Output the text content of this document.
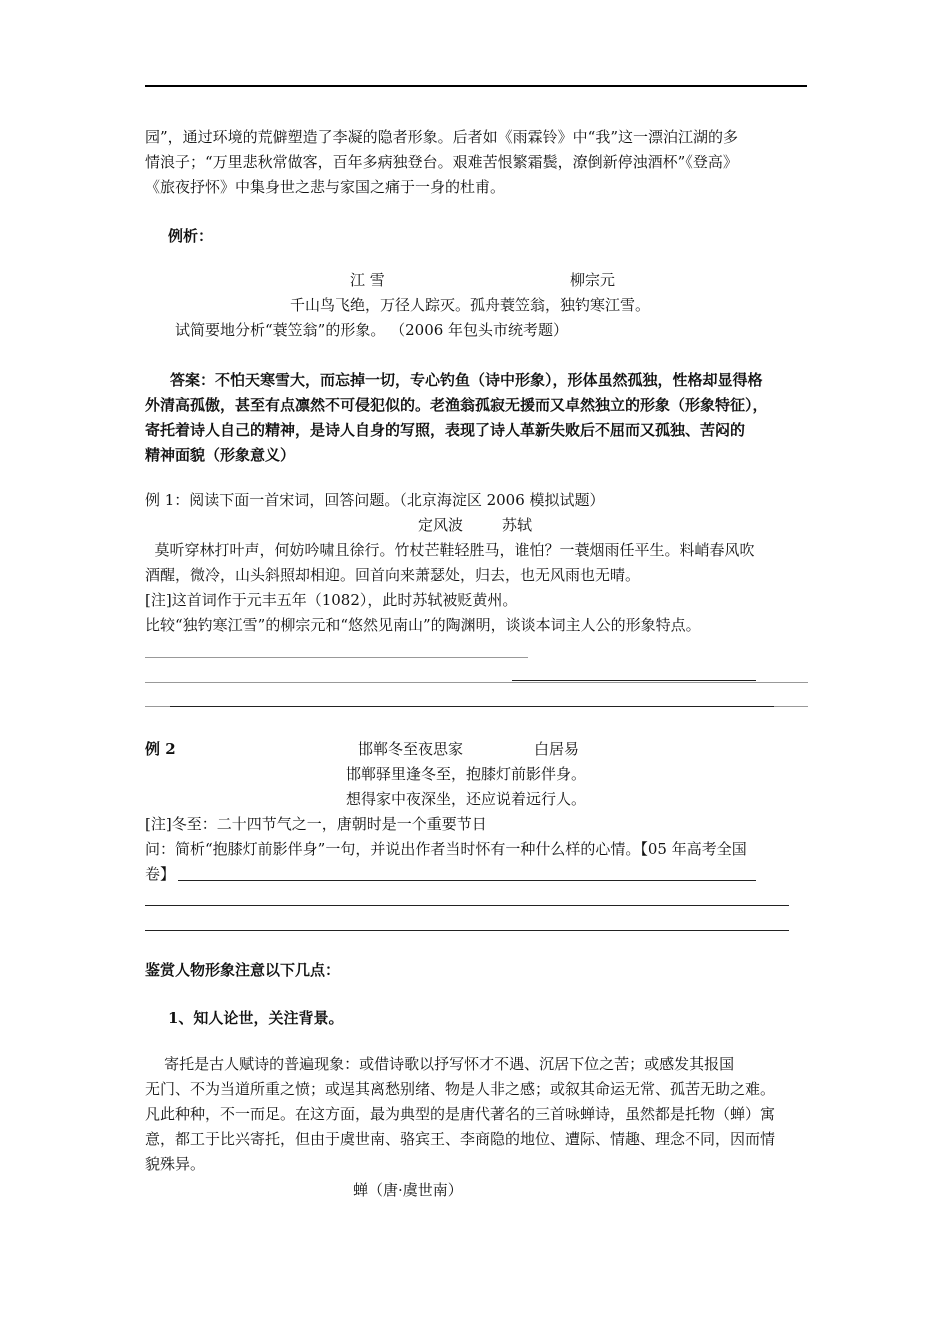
园”，通过环境的荒僻塑造了李凝的隐者形象。后者如《雨霖铃》中“我”这一漂泊江湖的多
情浪子；“万里悲秋常做客，百年多病独登台。艰难苦恨繁霜鬓，潦倒新停浊酒杯”《登高》
《旅夜抒怀》中集身世之悲与家国之痛于一身的杜甫。
例析：
江 雪	柳宗元
千山鸟飞绝，万径人踪灭。孤舟蓑笠翁，独钓寒江雪。
试简要地分析“蓑笠翁”的形象。 （2006 年包头市统考题）
答案：不怕天寒雪大，而忘掉一切，专心钓鱼（诗中形象），形体虽然孤独，性格却显得格
外清高孤傲，甚至有点凛然不可侵犯似的。老渔翁孤寂无援而又卓然独立的形象（形象特征），
寄托着诗人自己的精神，是诗人自身的写照，表现了诗人革新失败后不屈而又孤独、苦闷的
精神面貌（形象意义）
例 1：阅读下面一首宋词，回答问题。（北京海淀区 2006 模拟试题）
定风波	苏轼
莫听穿林打叶声，何妨吟啸且徐行。竹杖芒鞋轻胜马，谁怕？一蓑烟雨任平生。料峭春风吹
酒醒，微冷，山头斜照却相迎。回首向来萧瑟处，归去，也无风雨也无晴。
[注]这首词作于元丰五年（1082），此时苏轼被贬黄州。
比较“独钓寒江雪”的柳宗元和“悠然见南山”的陶渊明，谈谈本词主人公的形象特点。
例 2	邯郸冬至夜思家	白居易
邯郸驿里逢冬至，抱膝灯前影伴身。
想得家中夜深坐，还应说着远行人。
[注]冬至：二十四节气之一，唐朝时是一个重要节日
问：简析“抱膝灯前影伴身”一句，并说出作者当时怀有一种什么样的心情。【05 年高考全国
卷】
鉴赏人物形象注意以下几点：
1、知人论世，关注背景。
寄托是古人赋诗的普遍现象：或借诗歌以抒写怀才不遇、沉居下位之苦；或感发其报国
无门、不为当道所重之愤；或逞其离愁别绪、物是人非之感；或叙其命运无常、孤苦无助之难。
凡此种种，不一而足。在这方面，最为典型的是唐代著名的三首咏蝉诗，虽然都是托物（蝉）寓
意，都工于比兴寄托，但由于虞世南、骆宾王、李商隐的地位、遭际、情趣、理念不同，因而情
貌殊异。
蝉（唐·虞世南）
